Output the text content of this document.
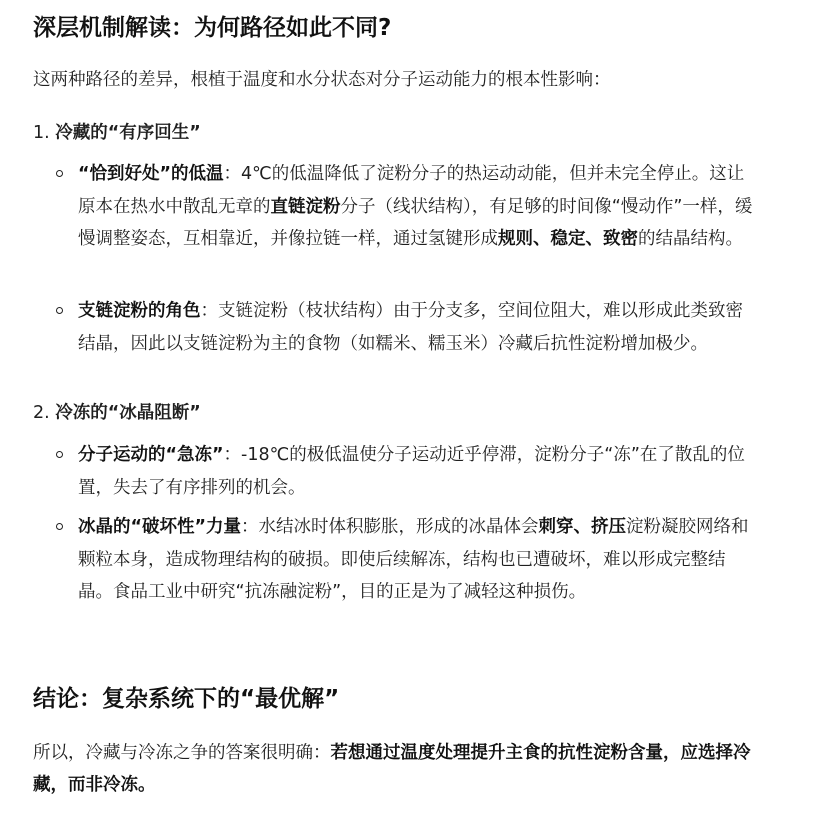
深层机制解读：为何路径如此不同?

这两种路径的差异，根植于温度和水分状态对分子运动能力的根本性影响：

1. 冷藏的“有序回生”
“恰到好处”的低温：4℃的低温降低了淀粉分子的热运动动能，但并未完全停止。这让原本在热水中散乱无章的直链淀粉分子（线状结构），有足够的时间像“慢动作”一样，缓慢调整姿态，互相靠近，并像拉链一样，通过氢键形成规则、稳定、致密的结晶结构。
支链淀粉的角色：支链淀粉（枝状结构）由于分支多，空间位阻大，难以形成此类致密结晶，因此以支链淀粉为主的食物（如糯米、糯玉米）冷藏后抗性淀粉增加极少。
2. 冷冻的“冰晶阻断”
分子运动的“急冻”：-18℃的极低温使分子运动近乎停滞，淀粉分子“冻”在了散乱的位置，失去了有序排列的机会。
冰晶的“破坏性”力量：水结冰时体积膨胀，形成的冰晶体会刺穿、挤压淀粉凝胶网络和颗粒本身，造成物理结构的破损。即使后续解冻，结构也已遭破坏，难以形成完整结晶。食品工业中研究“抗冻融淀粉”，目的正是为了减轻这种损伤。
结论：复杂系统下的“最优解”

所以，冷藏与冷冻之争的答案很明确：若想通过温度处理提升主食的抗性淀粉含量，应选择冷藏，而非冷冻。
